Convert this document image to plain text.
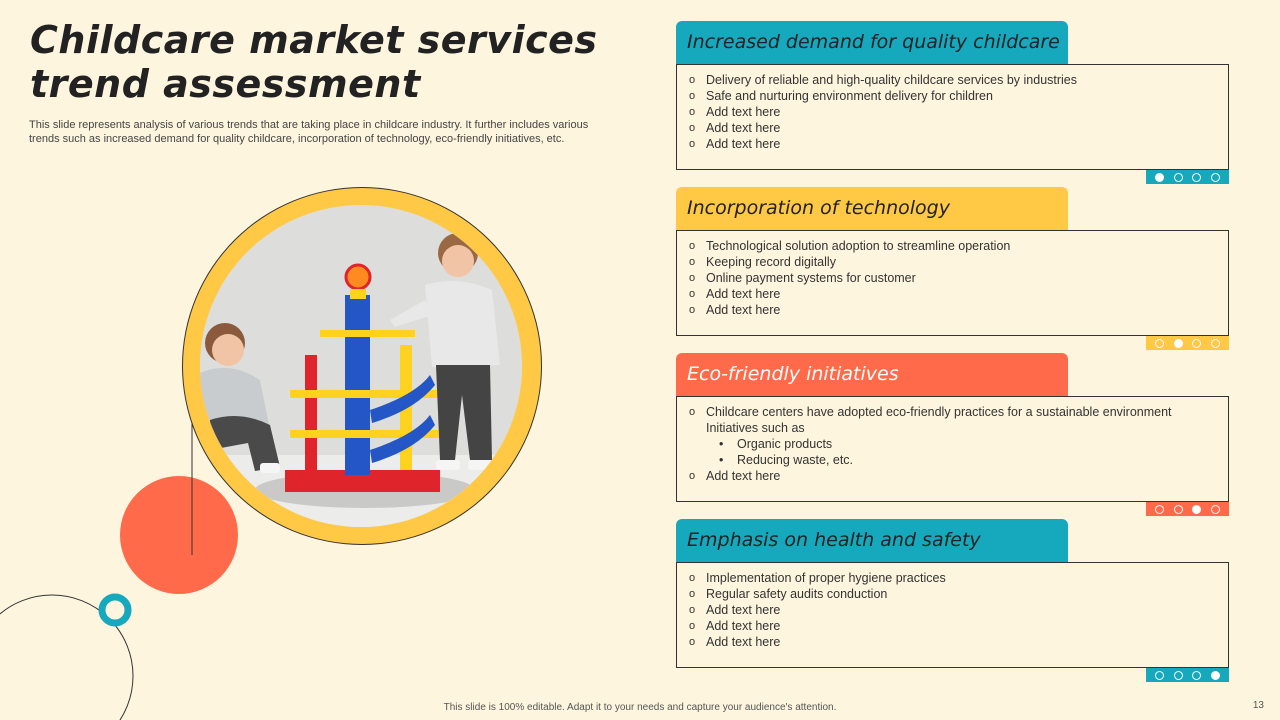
Childcare market services trend assessment
This slide represents analysis of various trends that are taking place in childcare industry. It further includes various trends such as increased demand for quality childcare, incorporation of technology, eco-friendly initiatives, etc.
Increased demand for quality childcare
o Delivery of reliable and high-quality childcare services by industries
o Safe and nurturing environment delivery for children
o Add text here
o Add text here
o Add text here
Incorporation of technology
o Technological solution adoption to streamline operation
o Keeping record digitally
o Online payment systems for customer
o Add text here
o Add text here
Eco-friendly initiatives
o Childcare centers have adopted eco-friendly practices for a sustainable environment
Initiatives such as
• Organic products
• Reducing waste, etc.
o Add text here
Emphasis on health and safety
o Implementation of proper hygiene practices
o Regular safety audits conduction
o Add text here
o Add text here
o Add text here
This slide is 100% editable. Adapt it to your needs and capture your audience's attention.	13
